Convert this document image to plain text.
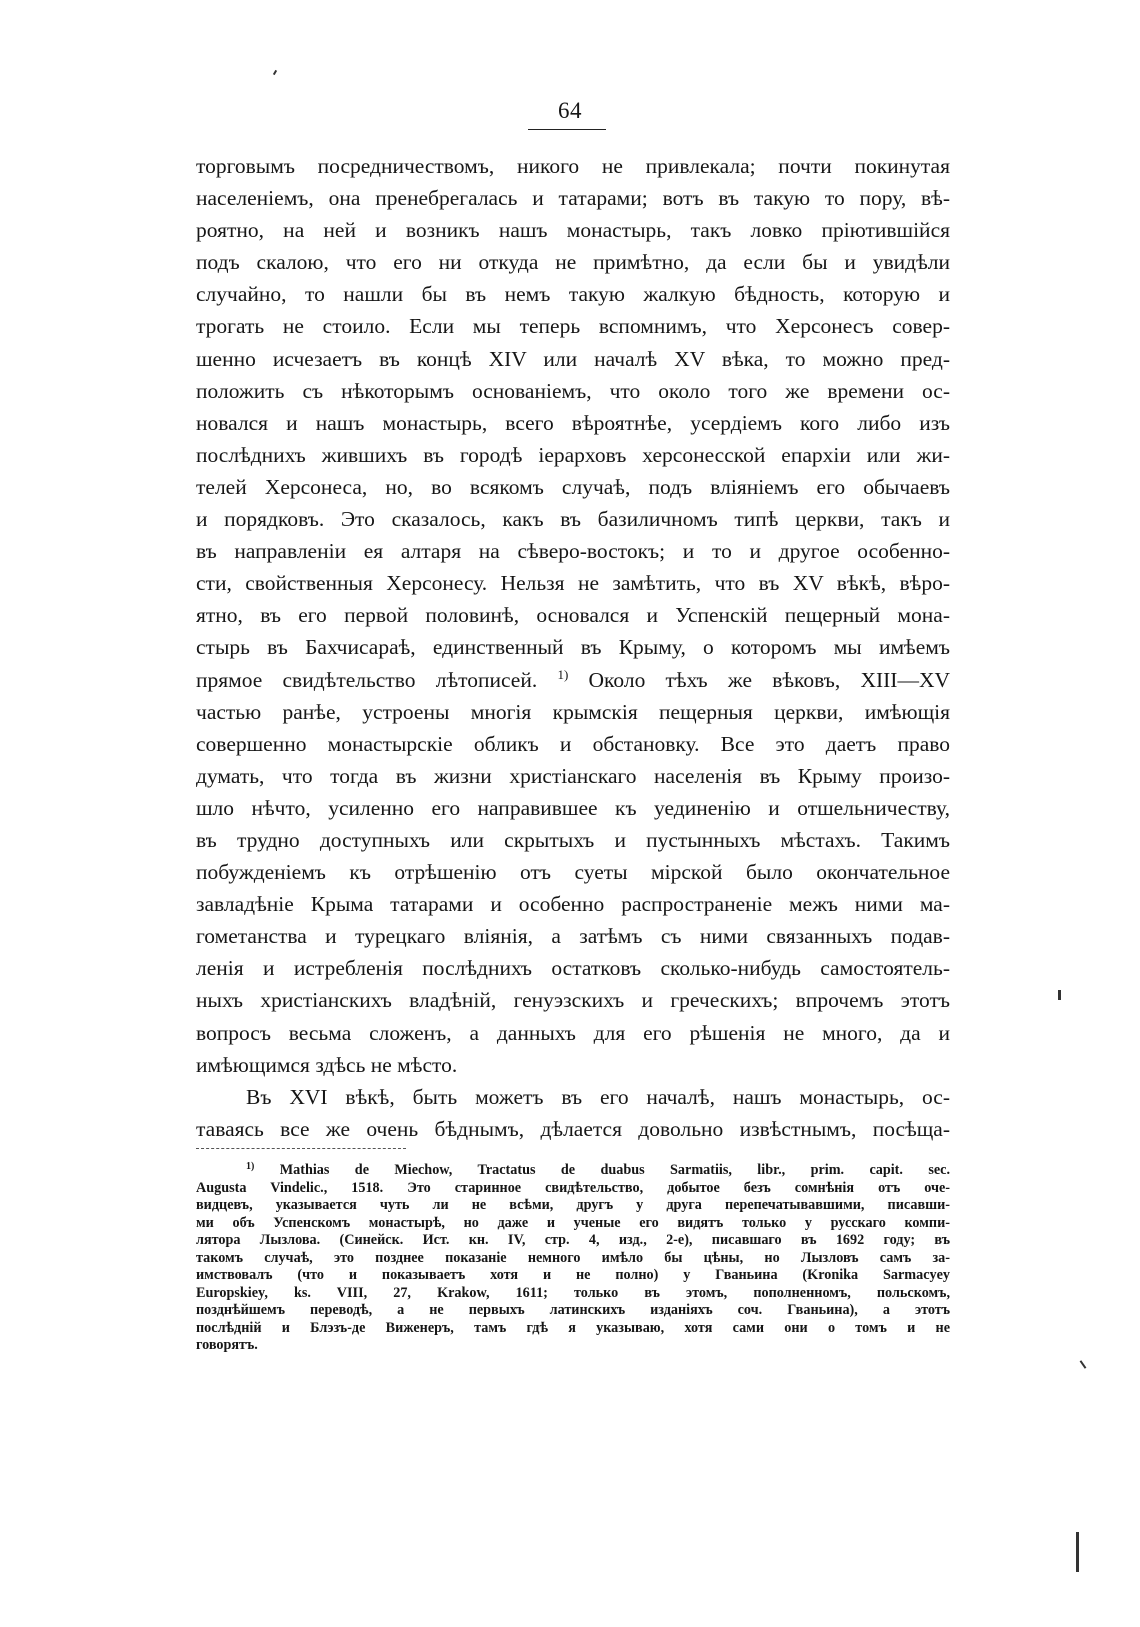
64
торговымъ посредничествомъ, никого не привлекала; почти покинутая
населенiемъ, она пренебрегалась и татарами; вотъ въ такую то пору, вѣ-
роятно, на ней и возникъ нашъ монастырь, такъ ловко прiютившiйся
подъ скалою, что его ни откуда не примѣтно, да если бы и увидѣли
случайно, то нашли бы въ немъ такую жалкую бѣдность, которую и
трогать не стоило. Если мы теперь вспомнимъ, что Херсонесъ совер-
шенно исчезаетъ въ концѣ XIV или началѣ XV вѣка, то можно пред-
положить съ нѣкоторымъ основанiемъ, что около того же времени ос-
новался и нашъ монастырь, всего вѣроятнѣе, усердiемъ кого либо изъ
послѣднихъ жившихъ въ городѣ iерарховъ херсонесской епархiи или жи-
телей Херсонеса, но, во всякомъ случаѣ, подъ влiянiемъ его обычаевъ
и порядковъ. Это сказалось, какъ въ базиличномъ типѣ церкви, такъ и
въ направленiи ея алтаря на сѣверо-востокъ; и то и другое особенно-
сти, свойственныя Херсонесу. Нельзя не замѣтить, что въ XV вѣкѣ, вѣро-
ятно, въ его первой половинѣ, основался и Успенскiй пещерный мона-
стырь въ Бахчисараѣ, единственный въ Крыму, о которомъ мы имѣемъ
прямое свидѣтельство лѣтописей. $^{1)}$ Около тѣхъ же вѣковъ, XIII—XV
частью ранѣе, устроены многiя крымскiя пещерныя церкви, имѣющiя
совершенно монастырскiе обликъ и обстановку. Все это даетъ право
думать, что тогда въ жизни христiанскаго населенiя въ Крыму произо-
шло нѣчто, усиленно его направившее къ уединенiю и отшельничеству,
въ трудно доступныхъ или скрытыхъ и пустынныхъ мѣстахъ. Такимъ
побужденiемъ къ отрѣшенiю отъ суеты мiрской было окончательное
завладѣнiе Крыма татарами и особенно распространенiе межъ ними ма-
гометанства и турецкаго влiянiя, а затѣмъ съ ними связанныхъ подав-
ленiя и истребленiя послѣднихъ остатковъ сколько-нибудь самостоятель-
ныхъ христiанскихъ владѣнiй, генуэзскихъ и греческихъ; впрочемъ этотъ
вопросъ весьма сложенъ, а данныхъ для его рѣшенiя не много, да и
имѣющимся здѣсь не мѣсто.
Въ XVI вѣкѣ, быть можетъ въ его началѣ, нашъ монастырь, ос-
таваясь все же очень бѣднымъ, дѣлается довольно извѣстнымъ, посѣща-
$^{1)}$ Mathias de Miechow, Tractatus de duabus Sarmatiis, libr., prim. capit. sec.
Augusta Vindelic., 1518. Это старинное свидѣтельство, добытое безъ сомнѣнiя отъ оче-
видцевъ, указывается чуть ли не всѣми, другъ у друга перепечатывавшими, писавши-
ми объ Успенскомъ монастырѣ, но даже и ученые его видятъ только у русскаго компи-
лятора Лызлова. (Синейск. Ист. кн. IV, стр. 4, изд., 2-е), писавшаго въ 1692 году; въ
такомъ случаѣ, это позднее показанiе немного имѣло бы цѣны, но Лызловъ самъ за-
имствовалъ (что и показываетъ хотя и не полно) у Гваньина (Kronika Sarmacyey
Europskiey, ks. VIII, 27, Krakow, 1611; только въ этомъ, пополненномъ, польскомъ,
позднѣйшемъ переводѣ, а не первыхъ латинскихъ изданiяхъ соч. Гваньина), а этотъ
послѣднiй и Блэзъ-де Виженеръ, тамъ гдѣ я указываю, хотя сами они о томъ и не
говорятъ.
